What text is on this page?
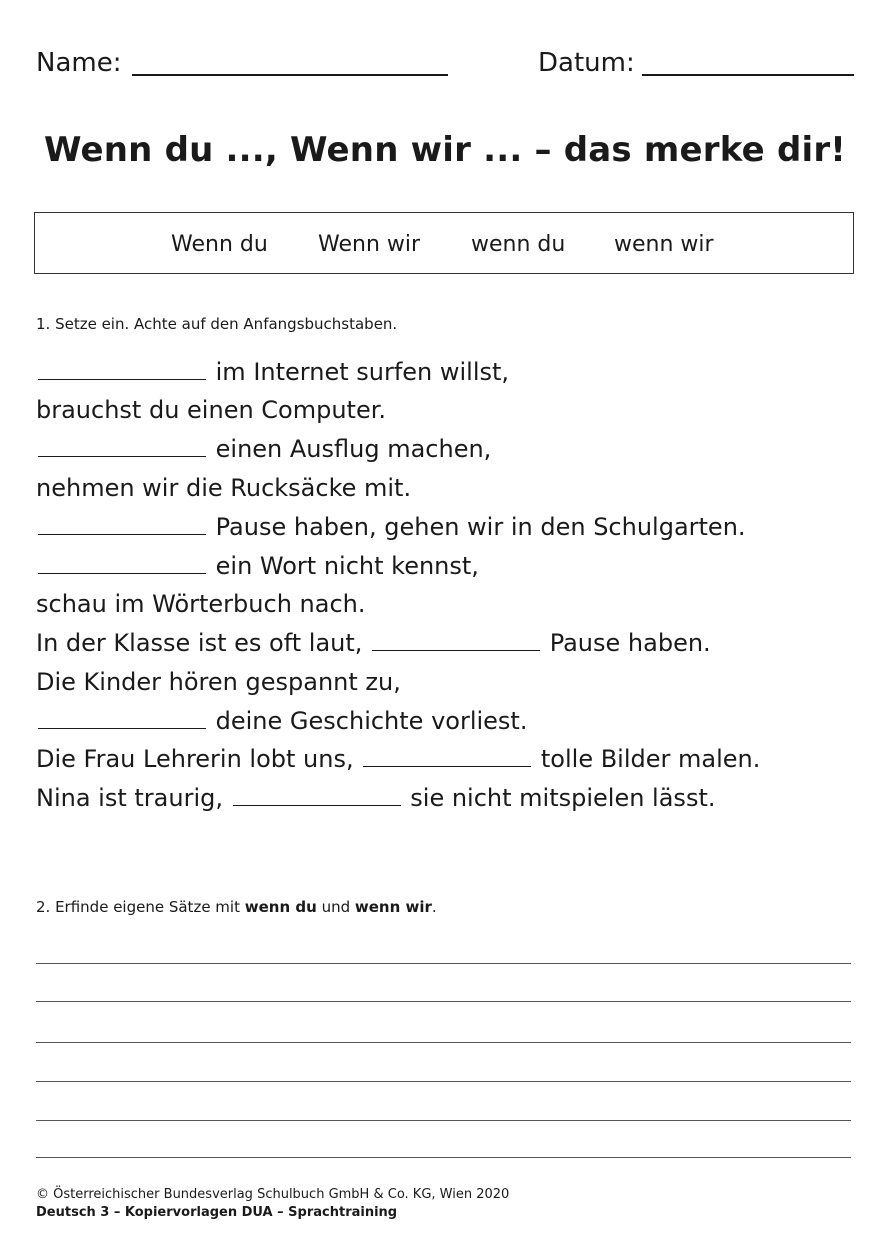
Name:	Datum:
Wenn du ..., Wenn wir ... – das merke dir!
Wenn du Wenn wir wenn du wenn wir
1. Setze ein. Achte auf den Anfangsbuchstaben.
im Internet surfen willst,
brauchst du einen Computer.
einen Ausflug machen,
nehmen wir die Rucksäcke mit.
Pause haben, gehen wir in den Schulgarten.
ein Wort nicht kennst,
schau im Wörterbuch nach.
In der Klasse ist es oft laut,	Pause haben.
Die Kinder hören gespannt zu,
deine Geschichte vorliest.
Die Frau Lehrerin lobt uns,	tolle Bilder malen.
Nina ist traurig,	sie nicht mitspielen lässt.
2. Erfinde eigene Sätze mit wenn du und wenn wir.
© Österreichischer Bundesverlag Schulbuch GmbH & Co. KG, Wien 2020
Deutsch 3 – Kopiervorlagen DUA – Sprachtraining
